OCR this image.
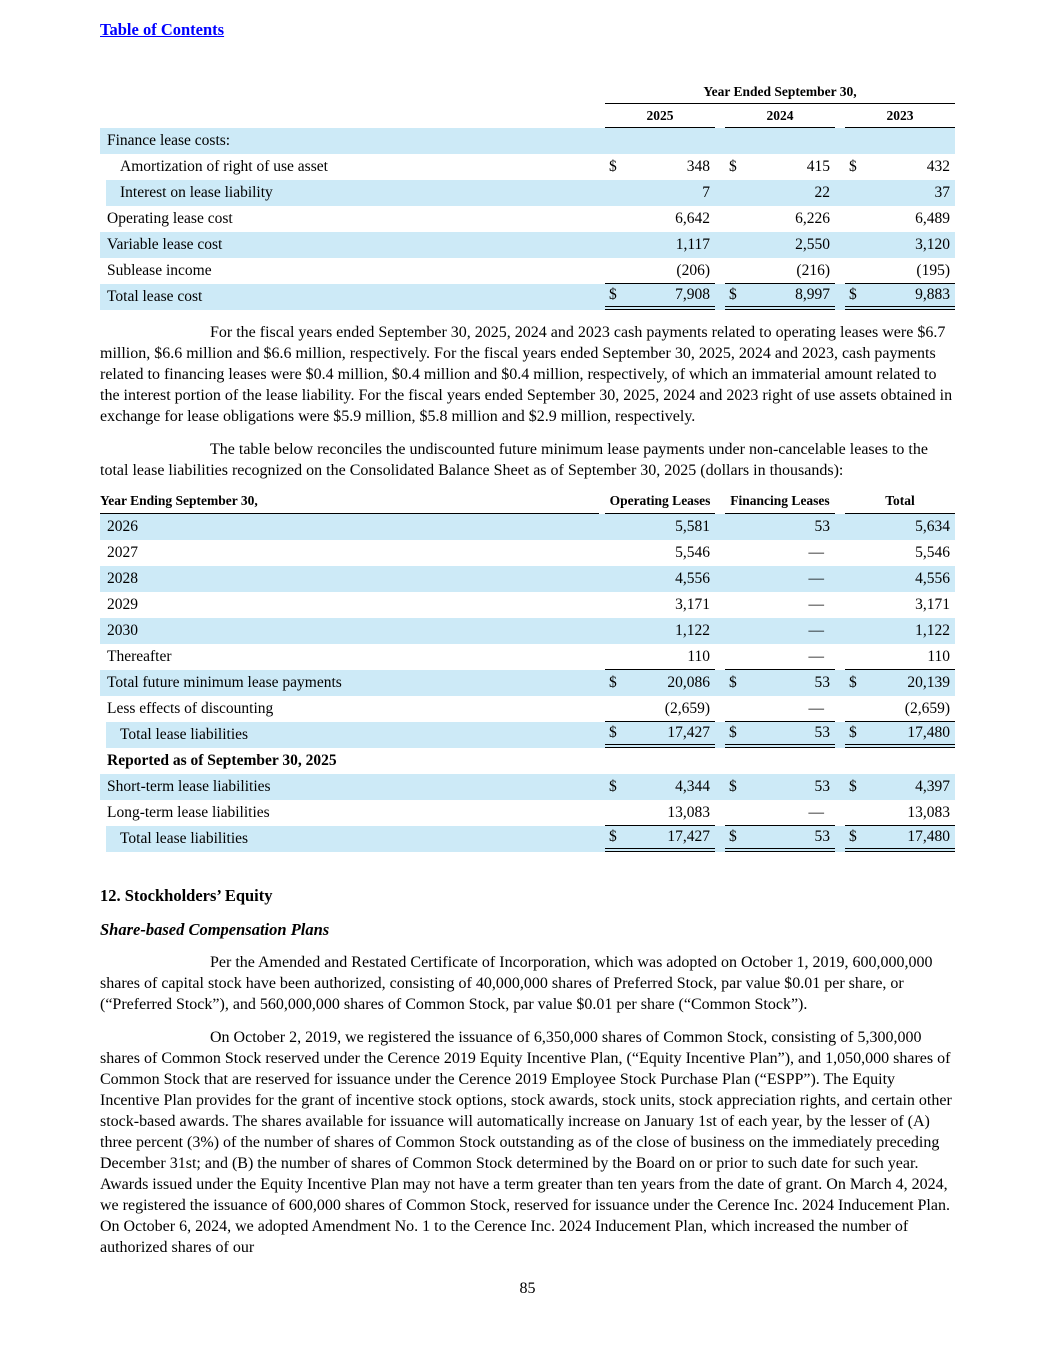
Table of Contents
Year Ended September 30,
2025	2024	2023
Finance lease costs:
Amortization of right of use asset	$	348	$	415	$	432
Interest on lease liability	7	22	37
Operating lease cost	6,642	6,226	6,489
Variable lease cost	1,117	2,550	3,120
Sublease income	(206)	(216)	(195)
Total lease cost	$	7,908	$	8,997	$	9,883

For the fiscal years ended September 30, 2025, 2024 and 2023 cash payments related to operating leases were $6.7 million, $6.6 million and $6.6 million, respectively. For the fiscal years ended September 30, 2025, 2024 and 2023, cash payments related to financing leases were $0.4 million, $0.4 million and $0.4 million, respectively, of which an immaterial amount related to the interest portion of the lease liability. For the fiscal years ended September 30, 2025, 2024 and 2023 right of use assets obtained in exchange for lease obligations were $5.9 million, $5.8 million and $2.9 million, respectively.

The table below reconciles the undiscounted future minimum lease payments under non-cancelable leases to the total lease liabilities recognized on the Consolidated Balance Sheet as of September 30, 2025 (dollars in thousands):

Year Ending September 30,	Operating Leases	Financing Leases	Total
2026	5,581	53	5,634
2027	5,546	—	5,546
2028	4,556	—	4,556
2029	3,171	—	3,171
2030	1,122	—	1,122
Thereafter	110	—	110
Total future minimum lease payments	$	20,086	$	53	$	20,139
Less effects of discounting	(2,659)	—	(2,659)
Total lease liabilities	$	17,427	$	53	$	17,480
Reported as of September 30, 2025
Short-term lease liabilities	$	4,344	$	53	$	4,397
Long-term lease liabilities	13,083	—	13,083
Total lease liabilities	$	17,427	$	53	$	17,480
12. Stockholders’ Equity
Share-based Compensation Plans

Per the Amended and Restated Certificate of Incorporation, which was adopted on October 1, 2019, 600,000,000 shares of capital stock have been authorized, consisting of 40,000,000 shares of Preferred Stock, par value $0.01 per share, or (“Preferred Stock”), and 560,000,000 shares of Common Stock, par value $0.01 per share (“Common Stock”).

On October 2, 2019, we registered the issuance of 6,350,000 shares of Common Stock, consisting of 5,300,000 shares of Common Stock reserved under the Cerence 2019 Equity Incentive Plan, (“Equity Incentive Plan”), and 1,050,000 shares of Common Stock that are reserved for issuance under the Cerence 2019 Employee Stock Purchase Plan (“ESPP”). The Equity Incentive Plan provides for the grant of incentive stock options, stock awards, stock units, stock appreciation rights, and certain other stock-based awards. The shares available for issuance will automatically increase on January 1st of each year, by the lesser of (A) three percent (3%) of the number of shares of Common Stock outstanding as of the close of business on the immediately preceding December 31st; and (B) the number of shares of Common Stock determined by the Board on or prior to such date for such year. Awards issued under the Equity Incentive Plan may not have a term greater than ten years from the date of grant. On March 4, 2024, we registered the issuance of 600,000 shares of Common Stock, reserved for issuance under the Cerence Inc. 2024 Inducement Plan. On October 6, 2024, we adopted Amendment No. 1 to the Cerence Inc. 2024 Inducement Plan, which increased the number of authorized shares of our

85
